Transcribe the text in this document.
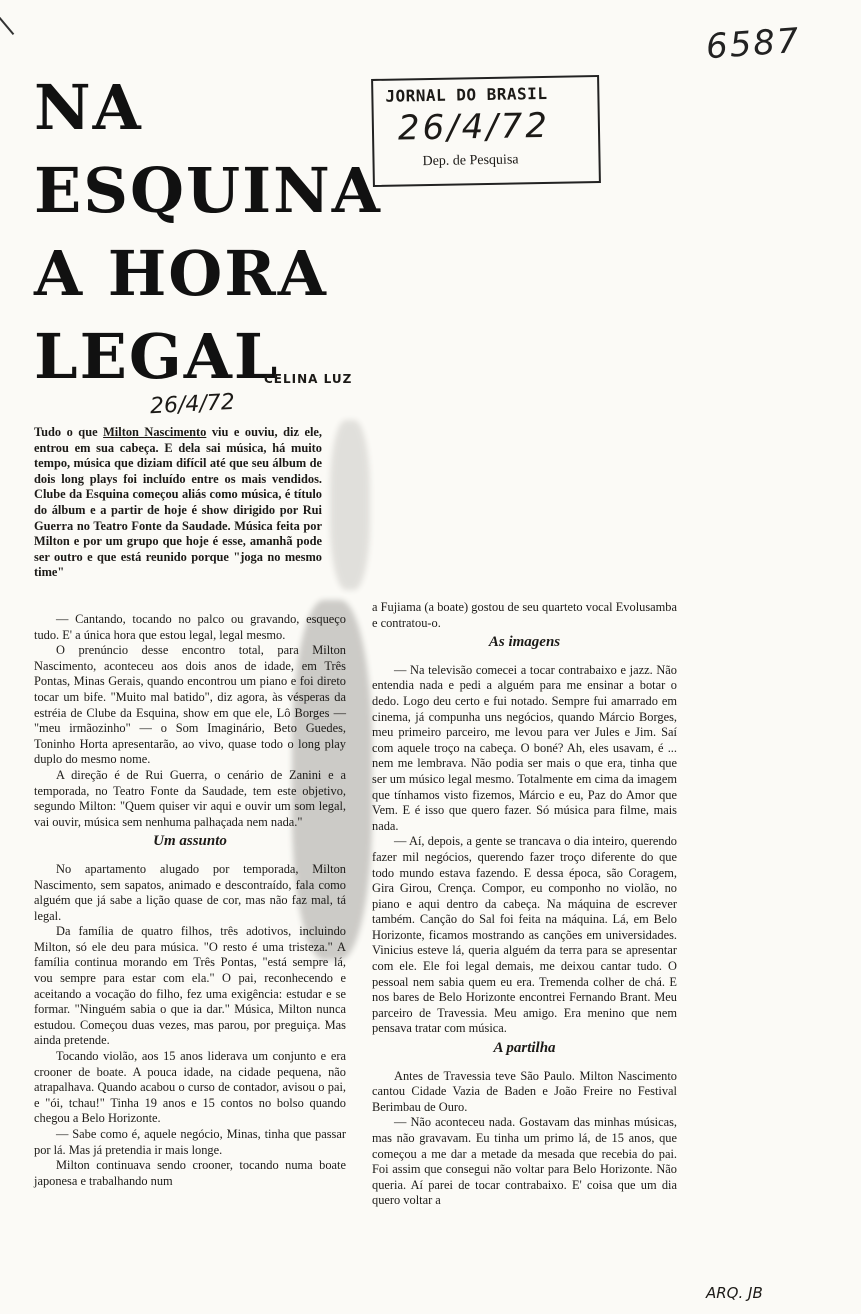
6587
JORNAL DO BRASIL
26/4/72
Dep. de Pesquisa
NA
ESQUINA
A HORA
LEGAL
CELINA LUZ
26/4/72

Tudo o que Milton Nascimento viu e ouviu, diz ele, entrou em sua cabeça. E dela sai música, há muito tempo, música que diziam difícil até que seu álbum de dois long plays foi incluído entre os mais vendidos. Clube da Esquina começou aliás como música, é título do álbum e a partir de hoje é show dirigido por Rui Guerra no Teatro Fonte da Saudade. Música feita por Milton e por um grupo que hoje é esse, amanhã pode ser outro e que está reunido porque "joga no mesmo time"

— Cantando, tocando no palco ou gravando, esqueço tudo. E' a única hora que estou legal, legal mesmo.

O prenúncio desse encontro total, para Milton Nascimento, aconteceu aos dois anos de idade, em Três Pontas, Minas Gerais, quando encontrou um piano e foi direto tocar um bife. "Muito mal batido", diz agora, às vésperas da estréia de Clube da Esquina, show em que ele, Lô Borges — "meu irmãozinho" — o Som Imaginário, Beto Guedes, Toninho Horta apresentarão, ao vivo, quase todo o long play duplo do mesmo nome.

A direção é de Rui Guerra, o cenário de Zanini e a temporada, no Teatro Fonte da Saudade, tem este objetivo, segundo Milton: "Quem quiser vir aqui e ouvir um som legal, vai ouvir, música sem nenhuma palhaçada nem nada."

Um assunto

No apartamento alugado por temporada, Milton Nascimento, sem sapatos, animado e descontraído, fala como alguém que já sabe a lição quase de cor, mas não faz mal, tá legal.

Da família de quatro filhos, três adotivos, incluindo Milton, só ele deu para música. "O resto é uma tristeza." A família continua morando em Três Pontas, "está sempre lá, vou sempre para estar com ela." O pai, reconhecendo e aceitando a vocação do filho, fez uma exigência: estudar e se formar. "Ninguém sabia o que ia dar." Música, Milton nunca estudou. Começou duas vezes, mas parou, por preguiça. Mas ainda pretende.

Tocando violão, aos 15 anos liderava um conjunto e era crooner de boate. A pouca idade, na cidade pequena, não atrapalhava. Quando acabou o curso de contador, avisou o pai, e "ói, tchau!" Tinha 19 anos e 15 contos no bolso quando chegou a Belo Horizonte.

— Sabe como é, aquele negócio, Minas, tinha que passar por lá. Mas já pretendia ir mais longe.

Milton continuava sendo crooner, tocando numa boate japonesa e trabalhando num

a Fujiama (a boate) gostou de seu quarteto vocal Evolusamba e contratou-o.

As imagens

— Na televisão comecei a tocar contrabaixo e jazz. Não entendia nada e pedi a alguém para me ensinar a botar o dedo. Logo deu certo e fui notado. Sempre fui amarrado em cinema, já compunha uns negócios, quando Márcio Borges, meu primeiro parceiro, me levou para ver Jules e Jim. Saí com aquele troço na cabeça. O boné? Ah, eles usavam, é ... nem me lembrava. Não podia ser mais o que era, tinha que ser um músico legal mesmo. Totalmente em cima da imagem que tínhamos visto fizemos, Márcio e eu, Paz do Amor que Vem. E é isso que quero fazer. Só música para filme, mais nada.

— Aí, depois, a gente se trancava o dia inteiro, querendo fazer mil negócios, querendo fazer troço diferente do que todo mundo estava fazendo. E dessa época, são Coragem, Gira Girou, Crença. Compor, eu componho no violão, no piano e aqui dentro da cabeça. Na máquina de escrever também. Canção do Sal foi feita na máquina. Lá, em Belo Horizonte, ficamos mostrando as canções em universidades. Vinicius esteve lá, queria alguém da terra para se apresentar com ele. Ele foi legal demais, me deixou cantar tudo. O pessoal nem sabia quem eu era. Tremenda colher de chá. E nos bares de Belo Horizonte encontrei Fernando Brant. Meu parceiro de Travessia. Meu amigo. Era menino que nem pensava tratar com música.

A partilha

Antes de Travessia teve São Paulo. Milton Nascimento cantou Cidade Vazia de Baden e João Freire no Festival Berimbau de Ouro.

— Não aconteceu nada. Gostavam das minhas músicas, mas não gravavam. Eu tinha um primo lá, de 15 anos, que começou a me dar a metade da mesada que recebia do pai. Foi assim que consegui não voltar para Belo Horizonte. Não queria. Aí parei de tocar contrabaixo. E' coisa que um dia quero voltar a

ARQ. JB
